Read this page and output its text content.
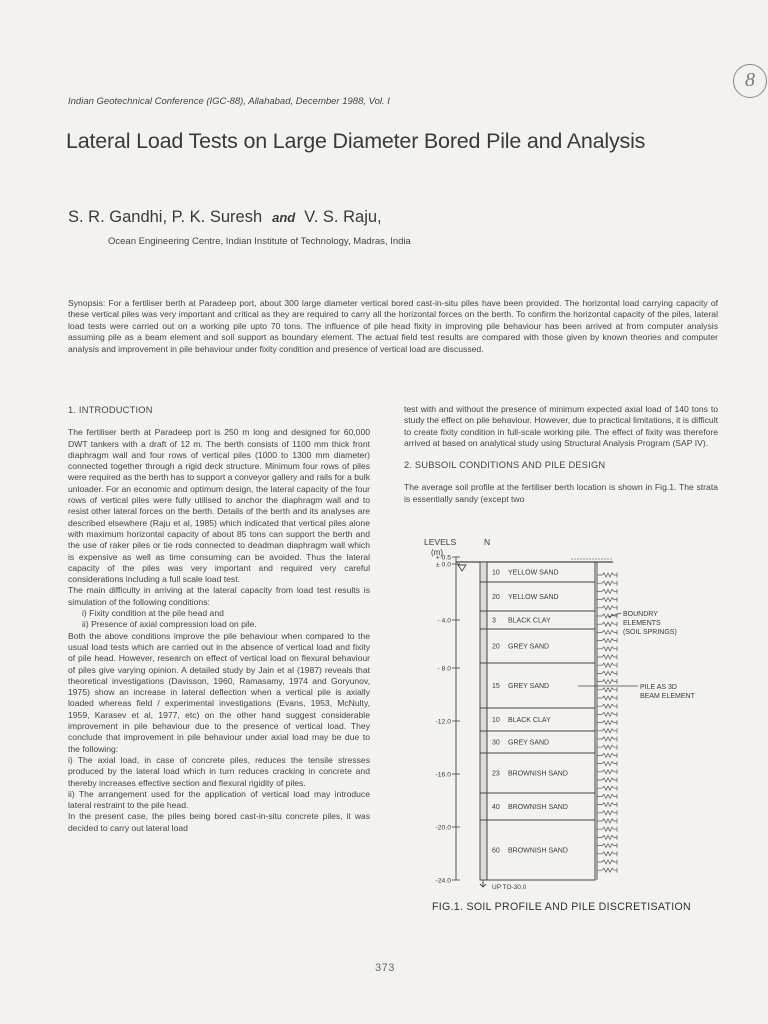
8
Indian Geotechnical Conference (IGC-88), Allahabad, December 1988, Vol. I
Lateral Load Tests on Large Diameter Bored Pile and Analysis
S. R. Gandhi, P. K. Suresh and V. S. Raju,
Ocean Engineering Centre, Indian Institute of Technology, Madras, India

Synopsis: For a fertiliser berth at Paradeep port, about 300 large diameter vertical bored cast-in-situ piles have been provided. The horizontal load carrying capacity of these vertical piles was very important and critical as they are required to carry all the horizontal forces on the berth. To confirm the horizontal capacity of the piles, lateral load tests were carried out on a working pile upto 70 tons. The influence of pile head fixity in improving pile behaviour has been arrived at from computer analysis assuming pile as a beam element and soil support as boundary element. The actual field test results are compared with those given by known theories and computer analysis and improvement in pile behaviour under fixity condition and presence of vertical load are discussed.

1. INTRODUCTION

The fertiliser berth at Paradeep port is 250 m long and designed for 60,000 DWT tankers with a draft of 12 m. The berth consists of 1100 mm thick front diaphragm wall and four rows of vertical piles (1000 to 1300 mm diameter) connected together through a rigid deck structure. Minimum four rows of piles were required as the berth has to support a conveyor gallery and rails for a bulk unloader. For an economic and optimum design, the lateral capacity of the four rows of vertical piles were fully utilised to anchor the diaphragm wall and to resist other lateral forces on the berth. Details of the berth and its analyses are described elsewhere (Raju et al, 1985) which indicated that vertical piles alone with maximum horizontal capacity of about 85 tons can support the berth and the use of raker piles or tie rods connected to deadman diaphragm wall which is expensive as well as time consuming can be avoided. Thus the lateral capacity of the piles was very important and required very careful considerations including a full scale load test.

The main difficulty in arriving at the lateral capacity from load test results is simulation of the following conditions:

i) Fixity condition at the pile head and

ii) Presence of axial compression load on pile.

Both the above conditions improve the pile behaviour when compared to the usual load tests which are carried out in the absence of vertical load and fixity of pile head. However, research on effect of vertical load on flexural behaviour of piles give varying opinion. A detailed study by Jain et al (1987) reveals that theoretical investigations (Davisson, 1960, Ramasamy, 1974 and Goryunov, 1975) show an increase in lateral deflection when a vertical pile is axially loaded whereas field / experimental investigations (Evans, 1953, McNulty, 1959, Karasev et al, 1977, etc) on the other hand suggest considerable improvement in pile behaviour due to the presence of vertical load. They conclude that improvement in pile behaviour under axial load may be due to the following:

i) The axial load, in case of concrete piles, reduces the tensile stresses produced by the lateral load which in turn reduces cracking in concrete and thereby increases effective section and flexural rigidity of piles.

ii) The arrangement used for the application of vertical load may introduce lateral restraint to the pile head.

In the present case, the piles being bored cast-in-situ concrete piles, it was decided to carry out lateral load

test with and without the presence of minimum expected axial load of 140 tons to study the effect on pile behaviour. However, due to practical limitations, it is difficult to create fixity condition in full-scale working pile. The effect of fixity was therefore arrived at based on analytical study using Structural Analysis Program (SAP IV).

2. SUBSOIL CONDITIONS AND PILE DESIGN

The average soil profile at the fertiliser berth location is shown in Fig.1. The strata is essentially sandy (except two

LEVELS
(m)
N
+ 0.5
± 0.0
- 4.0
- 8.0
-12.0
-16.0
-20.0
-24.0
10 YELLOW SAND
20 YELLOW SAND
3 BLACK CLAY
20 GREY SAND
15 GREY SAND
10 BLACK CLAY
30 GREY SAND
23 BROWNISH SAND
40 BROWNISH SAND
60 BROWNISH SAND
BOUNDRY
ELEMENTS
(SOIL SPRINGS)
PILE AS 3D
BEAM ELEMENT
UP TO-30.0
FIG.1. SOIL PROFILE AND PILE DISCRETISATION
373
